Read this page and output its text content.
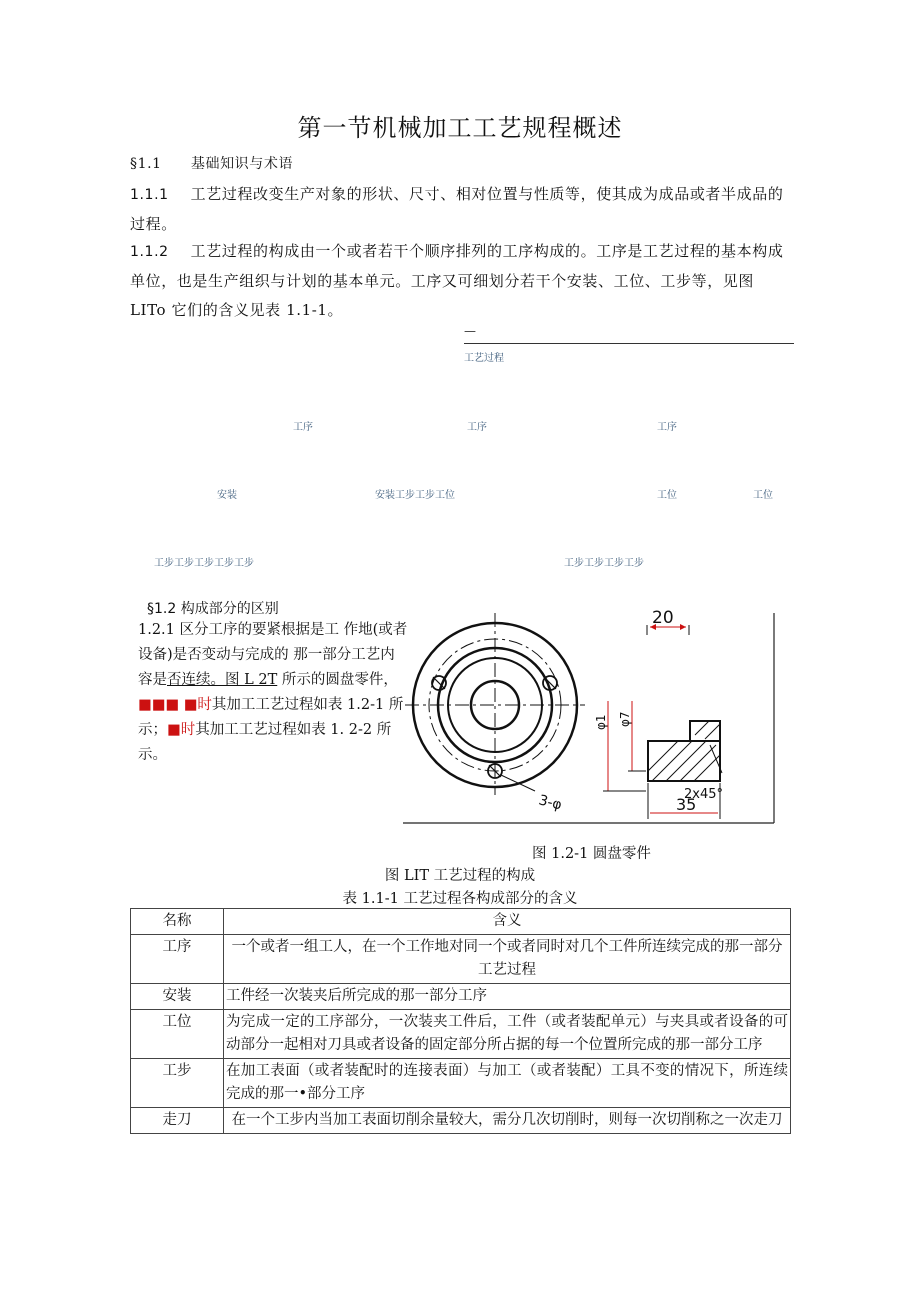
第一节机械加工工艺规程概述
§1.1　　基础知识与术语
1.1.1 工艺过程改变生产对象的形状、尺寸、相对位置与性质等，使其成为成品或者半成品的过程。
1.1.2 工艺过程的构成由一个或者若干个顺序排列的工序构成的。工序是工艺过程的基本构成单位，也是生产组织与计划的基本单元。工序又可细划分若干个安装、工位、工步等，见图 LITo 它们的含义见表 1.1-1。
—
工艺过程
工序	工序	工序
安装	安装工步工步工位	工位	工位
工步工步工步工步工步	工步工步工步工步
§1.2 构成部分的区别
1.2.1 区分工序的要紧根据是工 作地(或者设备)是否变动与完成的 那一部分工艺内容是否连续。图 L 2T 所示的圆盘零件，■■■ ■时其加工工艺过程如表 1.2-1 所 示；■时其加工工艺过程如表 1. 2-2 所示。
3-φ
20
35
2x45°
φ1 φ7
图 1.2-1 圆盘零件
图 LIT 工艺过程的构成
表 1.1-1 工艺过程各构成部分的含义
名称	含义
工序	一个或者一组工人，在一个工作地对同一个或者同时对几个工件所连续完成的那一部分工艺过程
安装	工件经一次装夹后所完成的那一部分工序
工位	为完成一定的工序部分，一次装夹工件后，工件（或者装配单元）与夹具或者设备的可动部分一起相对刀具或者设备的固定部分所占据的每一个位置所完成的那一部分工序
工步	在加工表面（或者装配时的连接表面）与加工（或者装配）工具不变的情况下，所连续完成的那一•部分工序
走刀	在一个工步内当加工表面切削余量较大，需分几次切削时，则每一次切削称之一次走刀
